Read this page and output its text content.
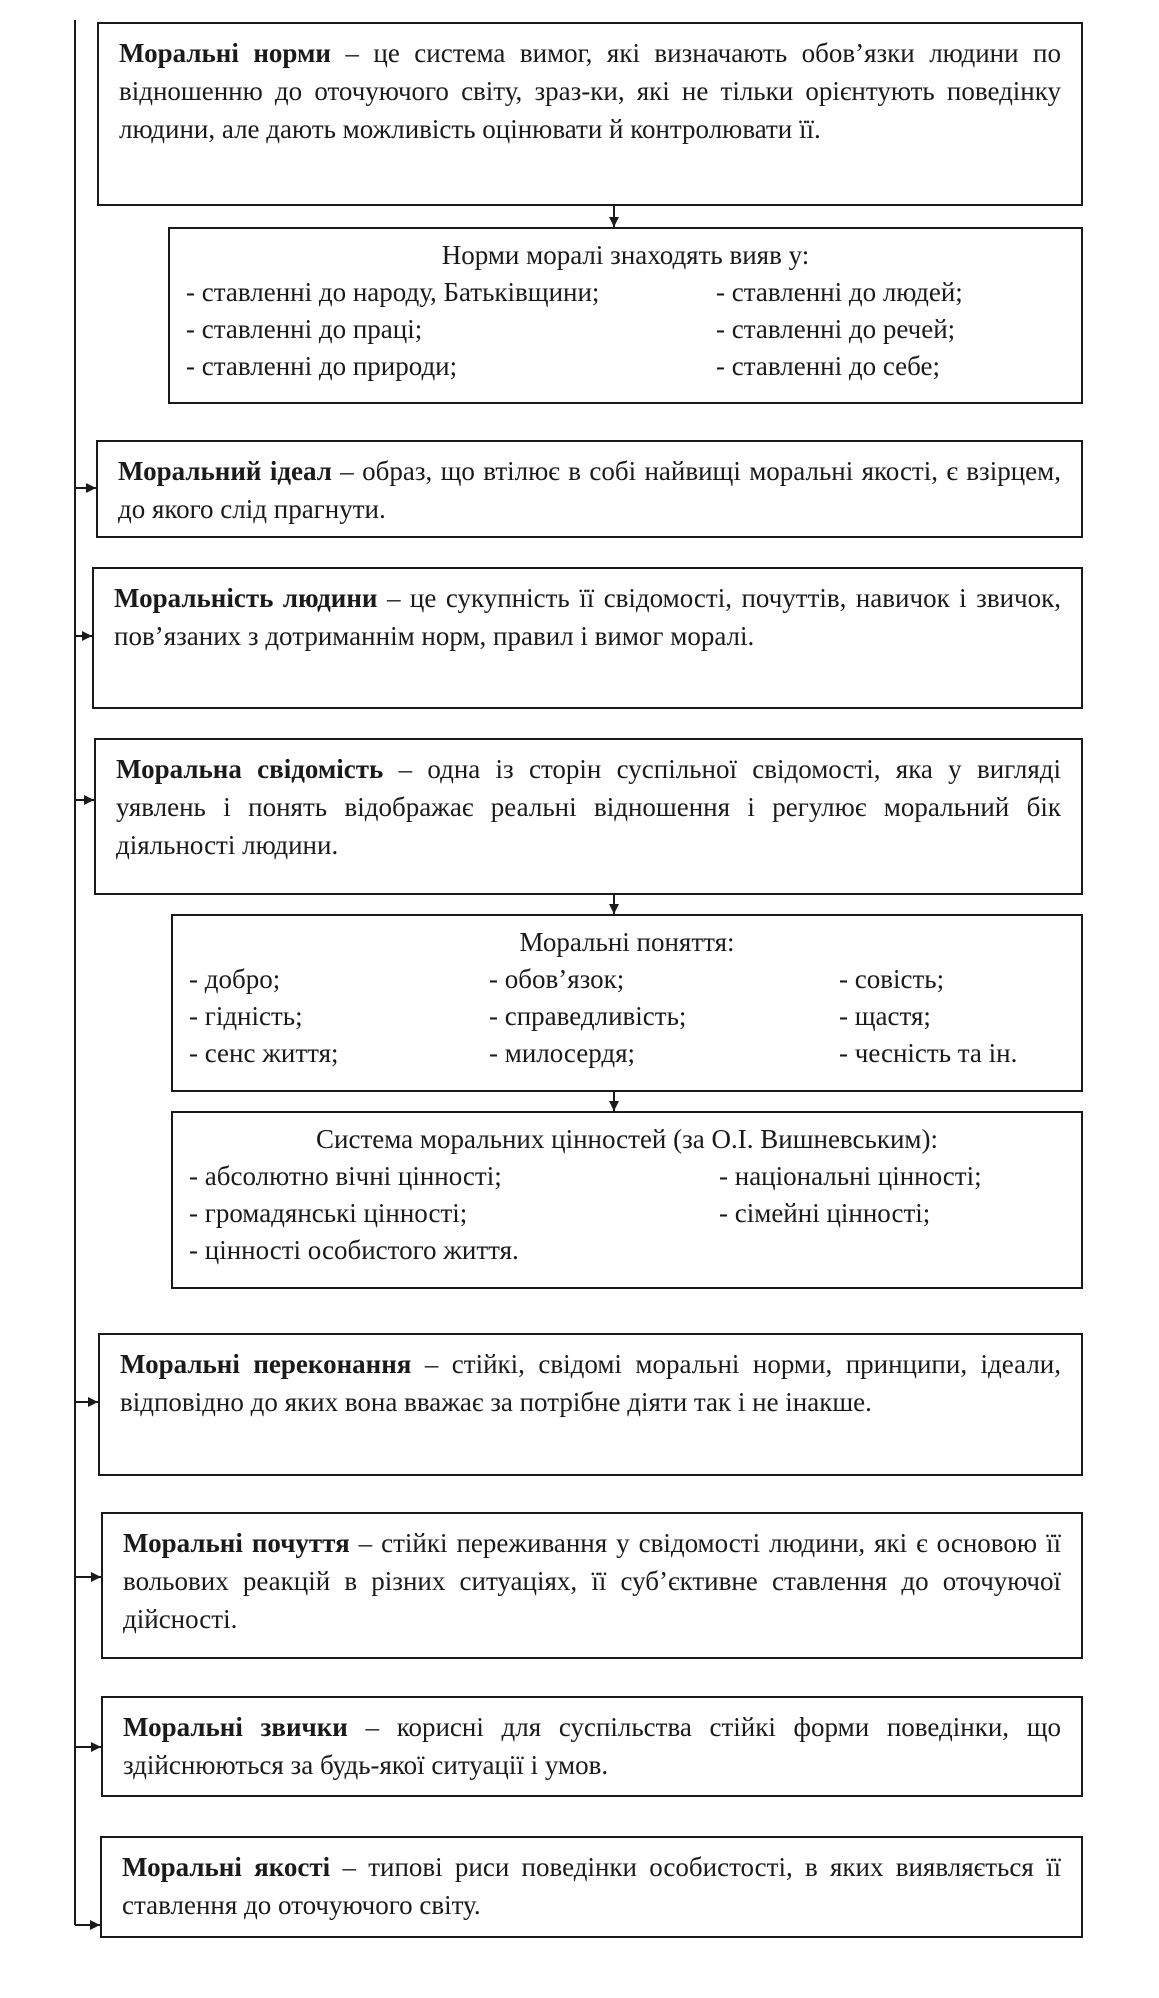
Моральні норми – це система вимог, які визначають обов’язки людини по відношенню до оточуючого світу, зраз-ки, які не тільки орієнтують поведінку людини, але дають можливість оцінювати й контролювати її.
Норми моралі знаходять вияв у:
- ставленні до народу, Батьківщини;	- ставленні до людей;
- ставленні до праці;	- ставленні до речей;
- ставленні до природи;	- ставленні до себе;
Моральний ідеал – образ, що втілює в собі найвищі моральні якості, є взірцем, до якого слід прагнути.
Моральність людини – це сукупність її свідомості, почуттів, навичок і звичок, пов’язаних з дотриманнім норм, правил і вимог моралі.
Моральна свідомість – одна із сторін суспільної свідомості, яка у вигляді уявлень і понять відображає реальні відношення і регулює моральний бік діяльності людини.
Моральні поняття:
- добро;	- обов’язок;	- совість;
- гідність;	- справедливість;	- щастя;
- сенс життя;	- милосердя;	- чесність та ін.
Система моральних цінностей (за О.І. Вишневським):
- абсолютно вічні цінності;	- національні цінності;
- громадянські цінності;	- сімейні цінності;
- цінності особистого життя.
Моральні переконання – стійкі, свідомі моральні норми, принципи, ідеали, відповідно до яких вона вважає за потрібне діяти так і не інакше.
Моральні почуття – стійкі переживання у свідомості людини, які є основою її вольових реакцій в різних ситуаціях, її суб’єктивне ставлення до оточуючої дійсності.
Моральні звички – корисні для суспільства стійкі форми поведінки, що здійснюються за будь-якої ситуації і умов.
Моральні якості – типові риси поведінки особистості, в яких виявляється її ставлення до оточуючого світу.
